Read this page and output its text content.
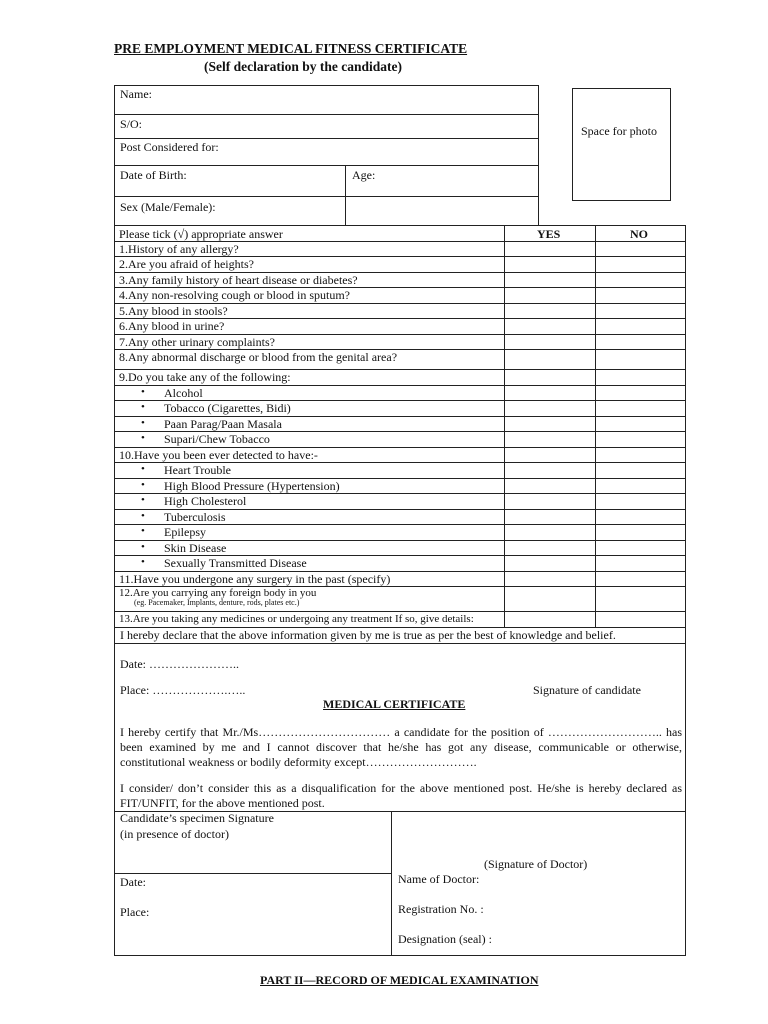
PRE EMPLOYMENT MEDICAL FITNESS CERTIFICATE
(Self declaration by the candidate)
Name:
S/O:
Post Considered for:
Date of Birth:	Age:
Sex (Male/Female):
Space for photo
Please tick (√) appropriate answer	YES	NO
1.History of any allergy?
2.Are you afraid of heights?
3.Any family history of heart disease or diabetes?
4.Any non-resolving cough or blood in sputum?
5.Any blood in stools?
6.Any blood in urine?
7.Any other urinary complaints?
8.Any abnormal discharge or blood from the genital area?
9.Do you take any of the following:
• Alcohol
• Tobacco (Cigarettes, Bidi)
• Paan Parag/Paan Masala
• Supari/Chew Tobacco
10.Have you been ever detected to have:-
• Heart Trouble
• High Blood Pressure (Hypertension)
• High Cholesterol
• Tuberculosis
• Epilepsy
• Skin Disease
• Sexually Transmitted Disease
11.Have you undergone any surgery in the past (specify)
12.Are you carrying any foreign body in you
(eg. Pacemaker, Implants, denture, rods, plates etc.)
13.Are you taking any medicines or undergoing any treatment If so, give details:
I hereby declare that the above information given by me is true as per the best of knowledge and belief.
Date: …………………..
Place: ……………….…..	Signature of candidate
MEDICAL CERTIFICATE
I hereby certify that Mr./Ms…………………………… a candidate for the position of ……………………….. has been examined by me and I cannot discover that he/she has got any disease, communicable or otherwise, constitutional weakness or bodily deformity except……………………….
I consider/ don’t consider this as a disqualification for the above mentioned post. He/she is hereby declared as FIT/UNFIT, for the above mentioned post.
Candidate’s specimen Signature
(in presence of doctor)
Date:
Place:
(Signature of Doctor)
Name of Doctor:
Registration No. :
Designation (seal) :
PART II—RECORD OF MEDICAL EXAMINATION
